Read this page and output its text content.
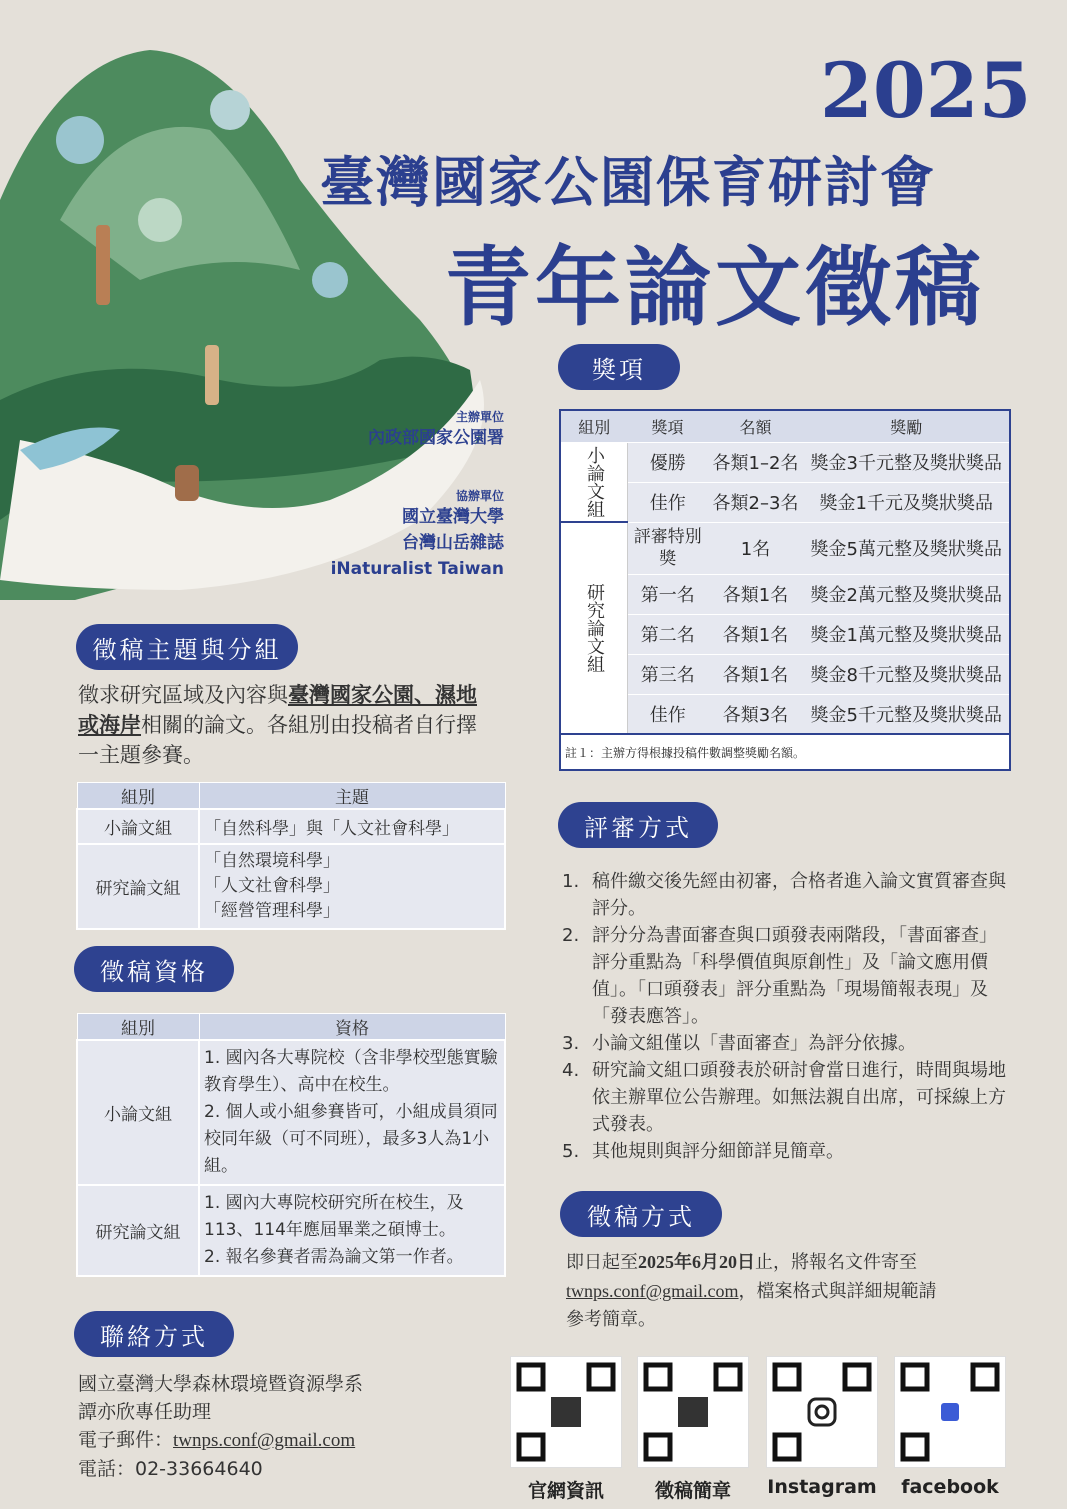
2025
臺灣國家公園保育研討會
青年論文徵稿
主辦單位
內政部國家公園署
協辦單位
國立臺灣大學
台灣山岳雜誌
iNaturalist Taiwan
徵稿主題與分組
徵求研究區域及內容與臺灣國家公園、濕地
或海岸相關的論文。各組別由投稿者自行擇
一主題參賽。
組別	主題
小論文組	「自然科學」與「人文社會科學」
研究論文組	「自然環境科學」
「人文社會科學」
「經營管理科學」
徵稿資格
組別	資格
小論文組	1. 國內各大專院校（含非學校型態實驗教育學生）、高中在校生。
2. 個人或小組參賽皆可，小組成員須同校同年級（可不同班），最多3人為1小組。

研究論文組	1. 國內大專院校研究所在校生，及113、114年應屆畢業之碩博士。
2. 報名參賽者需為論文第一作者。
聯絡方式
國立臺灣大學森林環境暨資源學系
譚亦欣專任助理
電子郵件：twnps.conf@gmail.com
電話：02-33664640
獎項
組別	獎項	名額	獎勵
小論文組	優勝	各類1–2名	獎金3千元整及獎狀獎品
	佳作	各類2–3名	獎金1千元及獎狀獎品
研究論文組	評審特別獎	1名	獎金5萬元整及獎狀獎品
	第一名	各類1名	獎金2萬元整及獎狀獎品
	第二名	各類1名	獎金1萬元整及獎狀獎品
	第三名	各類1名	獎金8千元整及獎狀獎品
	佳作	各類3名	獎金5千元整及獎狀獎品
註１：主辦方得根據投稿件數調整獎勵名額。			
評審方式
1. 稿件繳交後先經由初審，合格者進入論文實質審查與評分。
2. 評分分為書面審查與口頭發表兩階段，「書面審查」評分重點為「科學價值與原創性」及「論文應用價值」。「口頭發表」評分重點為「現場簡報表現」及「發表應答」。
3. 小論文組僅以「書面審查」為評分依據。
4. 研究論文組口頭發表於研討會當日進行，時間與場地依主辦單位公告辦理。如無法親自出席，可採線上方式發表。
5. 其他規則與評分細節詳見簡章。
徵稿方式
即日起至2025年6月20日止，將報名文件寄至
twnps.conf@gmail.com，檔案格式與詳細規範請
參考簡章。
官網資訊	徵稿簡章	Instagram	facebook
